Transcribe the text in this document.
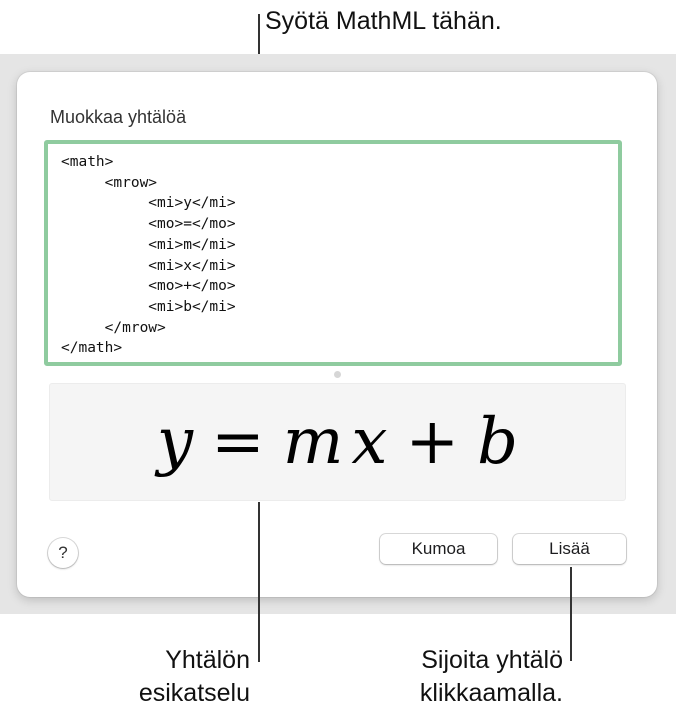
Syötä MathML tähän.
Muokkaa yhtälöä
<math> <mrow> <mi>y</mi> <mo>=</mo> <mi>m</mi> <mi>x</mi> <mo>+</mo> <mi>b</mi> </mrow> </math>
y = m x + b
?	Kumoa	Lisää
Yhtälön
esikatselu
Sijoita yhtälö
klikkaamalla.
